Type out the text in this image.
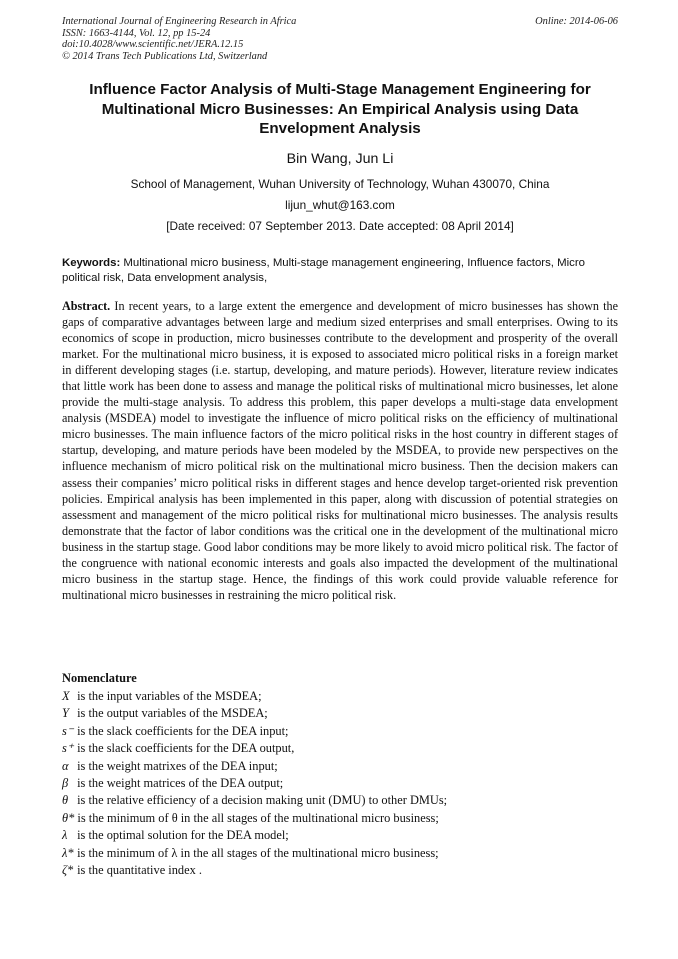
International Journal of Engineering Research in Africa
ISSN: 1663-4144, Vol. 12, pp 15-24
doi:10.4028/www.scientific.net/JERA.12.15
© 2014 Trans Tech Publications Ltd, Switzerland
Online: 2014-06-06
Influence Factor Analysis of Multi-Stage Management Engineering for Multinational Micro Businesses: An Empirical Analysis using Data Envelopment Analysis
Bin Wang, Jun Li
School of Management, Wuhan University of Technology, Wuhan 430070, China
lijun_whut@163.com
[Date received: 07 September 2013. Date accepted: 08 April 2014]
Keywords: Multinational micro business, Multi-stage management engineering, Influence factors, Micro political risk, Data envelopment analysis,
Abstract. In recent years, to a large extent the emergence and development of micro businesses has shown the gaps of comparative advantages between large and medium sized enterprises and small enterprises. Owing to its economics of scope in production, micro businesses contribute to the development and prosperity of the overall market. For the multinational micro business, it is exposed to associated micro political risks in a foreign market in different developing stages (i.e. startup, developing, and mature periods). However, literature review indicates that little work has been done to assess and manage the political risks of multinational micro businesses, let alone provide the multi-stage analysis. To address this problem, this paper develops a multi-stage data envelopment analysis (MSDEA) model to investigate the influence of micro political risks on the efficiency of multinational micro businesses. The main influence factors of the micro political risks in the host country in different stages of startup, developing, and mature periods have been modeled by the MSDEA, to provide new perspectives on the influence mechanism of micro political risk on the multinational micro business. Then the decision makers can assess their companies’ micro political risks in different stages and hence develop target-oriented risk prevention policies. Empirical analysis has been implemented in this paper, along with discussion of potential strategies on assessment and management of the micro political risks for multinational micro businesses. The analysis results demonstrate that the factor of labor conditions was the critical one in the development of the multinational micro business in the startup stage. Good labor conditions may be more likely to avoid micro political risk. The factor of the congruence with national economic interests and goals also impacted the development of the multinational micro business in the startup stage. Hence, the findings of this work could provide valuable reference for multinational micro businesses in restraining the micro political risk.
Nomenclature
X is the input variables of the MSDEA;
Y is the output variables of the MSDEA;
s⁻ is the slack coefficients for the DEA input;
s⁺ is the slack coefficients for the DEA output,
α is the weight matrixes of the DEA input;
β is the weight matrices of the DEA output;
θ is the relative efficiency of a decision making unit (DMU) to other DMUs;
θ* is the minimum of θ in the all stages of the multinational micro business;
λ is the optimal solution for the DEA model;
λ* is the minimum of λ in the all stages of the multinational micro business;
ζ* is the quantitative index .
